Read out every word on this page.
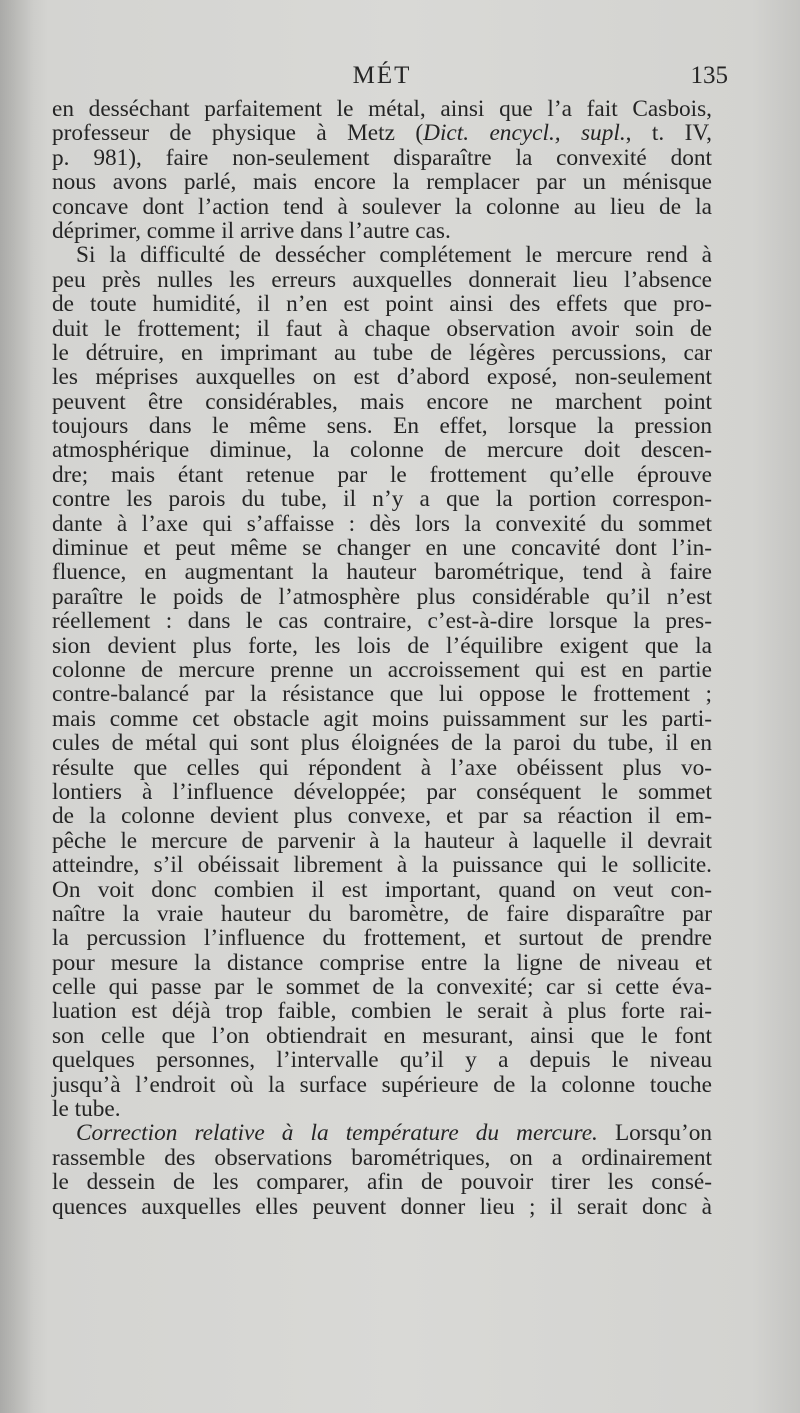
MÉT	135
en desséchant parfaitement le métal, ainsi que l’a fait Casbois,
professeur de physique à Metz (Dict. encycl., supl., t. IV,
p. 981), faire non-seulement disparaître la convexité dont
nous avons parlé, mais encore la remplacer par un ménisque
concave dont l’action tend à soulever la colonne au lieu de la
déprimer, comme il arrive dans l’autre cas.
Si la difficulté de dessécher complétement le mercure rend à
peu près nulles les erreurs auxquelles donnerait lieu l’absence
de toute humidité, il n’en est point ainsi des effets que pro-
duit le frottement; il faut à chaque observation avoir soin de
le détruire, en imprimant au tube de légères percussions, car
les méprises auxquelles on est d’abord exposé, non-seulement
peuvent être considérables, mais encore ne marchent point
toujours dans le même sens. En effet, lorsque la pression
atmosphérique diminue, la colonne de mercure doit descen-
dre; mais étant retenue par le frottement qu’elle éprouve
contre les parois du tube, il n’y a que la portion correspon-
dante à l’axe qui s’affaisse : dès lors la convexité du sommet
diminue et peut même se changer en une concavité dont l’in-
fluence, en augmentant la hauteur barométrique, tend à faire
paraître le poids de l’atmosphère plus considérable qu’il n’est
réellement : dans le cas contraire, c’est-à-dire lorsque la pres-
sion devient plus forte, les lois de l’équilibre exigent que la
colonne de mercure prenne un accroissement qui est en partie
contre-balancé par la résistance que lui oppose le frottement ;
mais comme cet obstacle agit moins puissamment sur les parti-
cules de métal qui sont plus éloignées de la paroi du tube, il en
résulte que celles qui répondent à l’axe obéissent plus vo-
lontiers à l’influence développée; par conséquent le sommet
de la colonne devient plus convexe, et par sa réaction il em-
pêche le mercure de parvenir à la hauteur à laquelle il devrait
atteindre, s’il obéissait librement à la puissance qui le sollicite.
On voit donc combien il est important, quand on veut con-
naître la vraie hauteur du baromètre, de faire disparaître par
la percussion l’influence du frottement, et surtout de prendre
pour mesure la distance comprise entre la ligne de niveau et
celle qui passe par le sommet de la convexité; car si cette éva-
luation est déjà trop faible, combien le serait à plus forte rai-
son celle que l’on obtiendrait en mesurant, ainsi que le font
quelques personnes, l’intervalle qu’il y a depuis le niveau
jusqu’à l’endroit où la surface supérieure de la colonne touche
le tube.
Correction relative à la température du mercure. Lorsqu’on
rassemble des observations barométriques, on a ordinairement
le dessein de les comparer, afin de pouvoir tirer les consé-
quences auxquelles elles peuvent donner lieu ; il serait donc à
